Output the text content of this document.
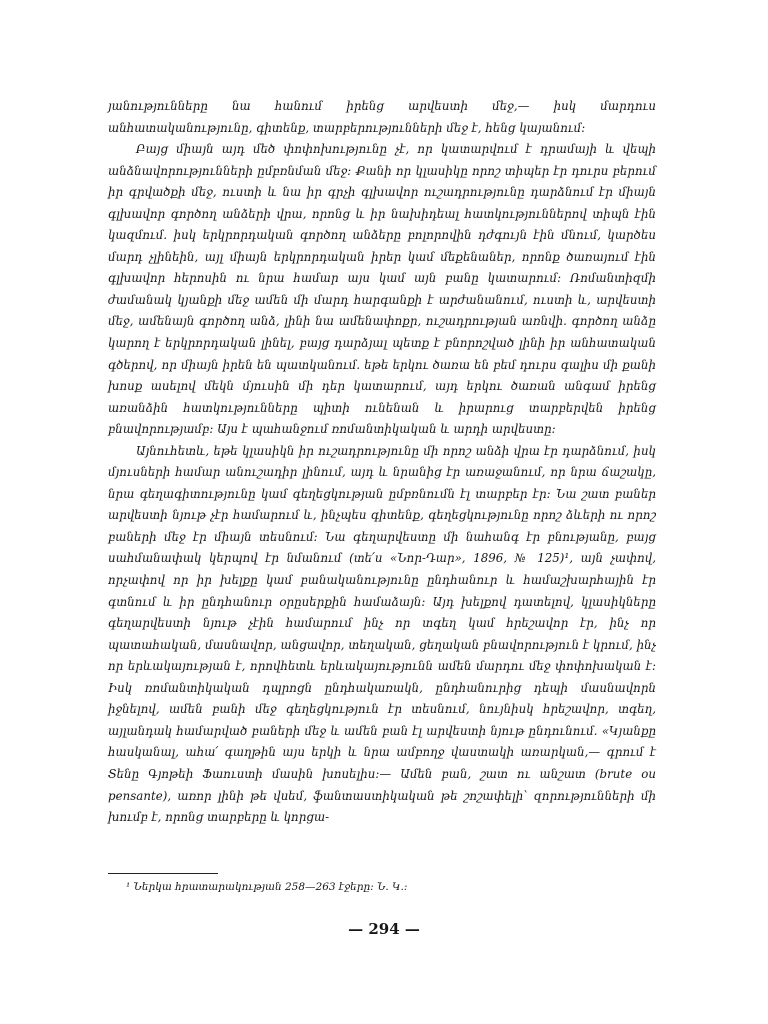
յանությունները նա հանում իրենց արվեստի մեջ,— իսկ մարդուս անհատականությունը, գիտենք, տարբերությունների մեջ է, հենց կայանում։

Բայց միայն այդ մեծ փոփոխությունը չէ, որ կատարվում է դրամայի և վեպի անձնավորությունների ըմբռնման մեջ։ Քանի որ կլասիկը որոշ տիպեր էր դուրս բերում իր գրվածքի մեջ, ուստի և նա իր գրչի գլխավոր ուշադրությունը դարձնում էր միայն գլխավոր գործող անձերի վրա, որոնց և իր նախիդեալ հատկություններով տիպն էին կազմում. իսկ երկրորդական գործող անձերը բոլորովին դժգույն էին մնում, կարծես մարդ չլինեին, այլ միայն երկրորդական իրեր կամ մեքենաներ, որոնք ծառայում էին գլխավոր հերոսին ու նրա համար այս կամ այն բանը կատարում։ Ռոմանտիզմի ժամանակ կյանքի մեջ ամեն մի մարդ հարգանքի է արժանանում, ուստի և, արվեստի մեջ, ամենայն գործող անձ, լինի նա ամենափոքր, ուշադրության առնվի. գործող անձը կարող է երկրորդական լինել, բայց դարձյալ պետք է բնորոշված լինի իր անհատական գծերով, որ միայն իրեն են պատկանում. եթե երկու ծառա են բեմ դուրս գալիս մի քանի խոսք ասելով մեկն մյուսին մի դեր կատարում, այդ երկու ծառան անգամ իրենց առանձին հատկությունները պիտի ունենան և իրարուց տարբերվեն իրենց բնավորությամբ։ Այս է պահանջում ռոմանտիկական և արդի արվեստը։

Այնուհետև, եթե կլասիկն իր ուշադրությունը մի որոշ անձի վրա էր դարձնում, իսկ մյուսների համար անուշադիր լինում, այդ և նրանից էր առաջանում, որ նրա ճաշակը, նրա գեղագիտությունը կամ գեղեցկության ըմբռնումն էլ տարբեր էր։ Նա շատ բաներ արվեստի նյութ չէր համարում և, ինչպես գիտենք, գեղեցկությունը որոշ ձևերի ու որոշ բաների մեջ էր միայն տեսնում։ Նա գեղարվեստը մի նահանգ էր բնությանը, բայց սահմանափակ կերպով էր նմանում (տե՛ս «Նոր-Դար», 1896, № 125)¹, այն չափով, որչափով որ իր խելքը կամ բանականությունը ընդհանուր և համաշխարհային էր գտնում և իր ընդհանուր օրըսերքին համաձայն։ Այդ խելքով դատելով, կլասիկները գեղարվեստի նյութ չէին համարում ինչ որ տգեղ կամ հրեշավոր էր, ինչ որ պատահական, մասնավոր, անցավոր, տեղական, ցեղական բնավորություն է կրում, ինչ որ երևակայության է, որովհետև երևակայությունն ամեն մարդու մեջ փոփոխական է։ Իսկ ռոմանտիկական դպրոցն ընդհակառակն, ընդհանուրից դեպի մասնավորն իջնելով, ամեն բանի մեջ գեղեցկություն էր տեսնում, նույնիսկ հրեշավոր, տգեղ, այլանդակ համարված բաների մեջ և ամեն բան էլ արվեստի նյութ ընդունում. «Կյանքը հասկանալ, ահա՛ գաղթին այս երկի և նրա ամբողջ վաստակի առարկան,— գրում է Տենը Գյոթեի Ֆաուստի մասին խոսելիս։— Ամեն բան, շատ ու անշատ (brute ou pensante), առոր լինի թե վսեմ, ֆանտաստիկական թե շոշափելի՝ զորությունների մի խումբ է, որոնց տարբերը և կորցա-

¹ Ներկա հրատարակության 258—263 էջերը։ Ն. Կ.։
— 294 —
